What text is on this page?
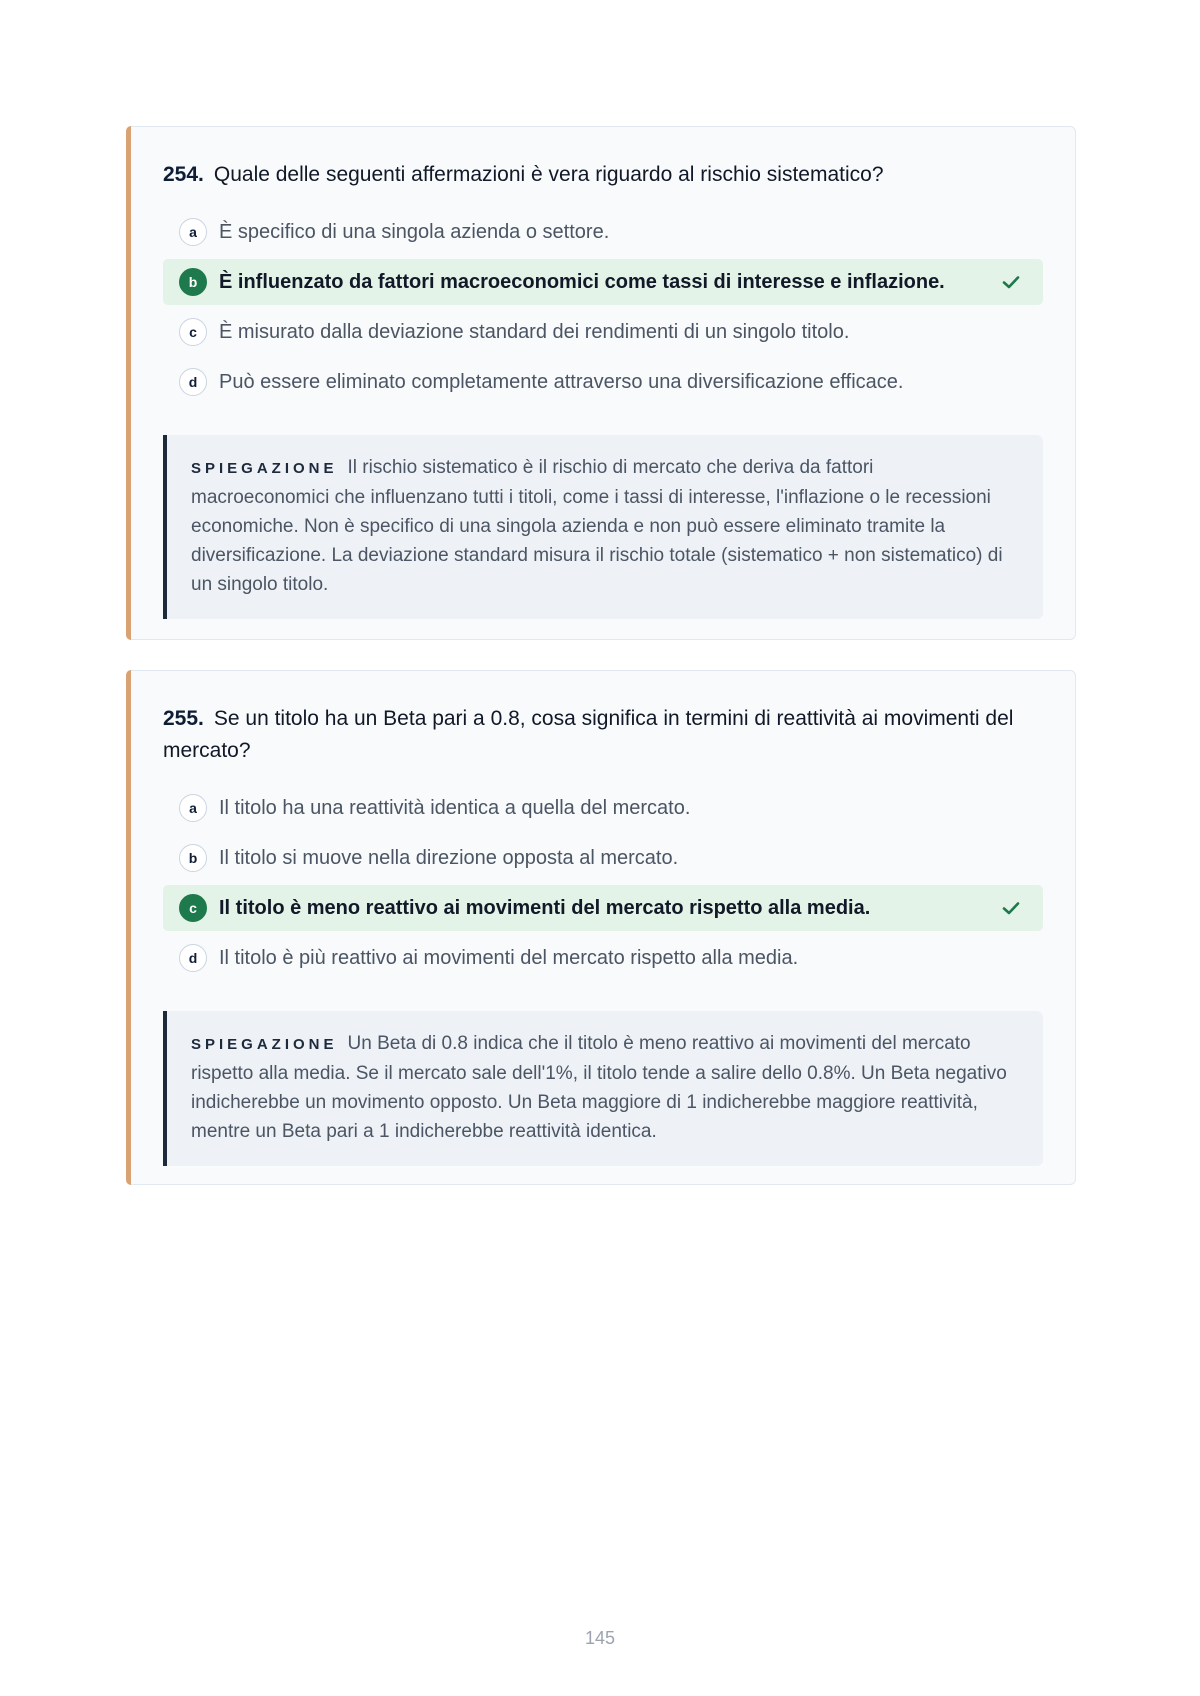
254. Quale delle seguenti affermazioni è vera riguardo al rischio sistematico?
a	È specifico di una singola azienda o settore.
b	È influenzato da fattori macroeconomici come tassi di interesse e inflazione.
c	È misurato dalla deviazione standard dei rendimenti di un singolo titolo.
d	Può essere eliminato completamente attraverso una diversificazione efficace.
SPIEGAZIONE Il rischio sistematico è il rischio di mercato che deriva da fattori macroeconomici che influenzano tutti i titoli, come i tassi di interesse, l'inflazione o le recessioni economiche. Non è specifico di una singola azienda e non può essere eliminato tramite la diversificazione. La deviazione standard misura il rischio totale (sistematico + non sistematico) di un singolo titolo.
255. Se un titolo ha un Beta pari a 0.8, cosa significa in termini di reattività ai movimenti del mercato?
a	Il titolo ha una reattività identica a quella del mercato.
b	Il titolo si muove nella direzione opposta al mercato.
c	Il titolo è meno reattivo ai movimenti del mercato rispetto alla media.
d	Il titolo è più reattivo ai movimenti del mercato rispetto alla media.
SPIEGAZIONE Un Beta di 0.8 indica che il titolo è meno reattivo ai movimenti del mercato rispetto alla media. Se il mercato sale dell'1%, il titolo tende a salire dello 0.8%. Un Beta negativo indicherebbe un movimento opposto. Un Beta maggiore di 1 indicherebbe maggiore reattività, mentre un Beta pari a 1 indicherebbe reattività identica.
145
